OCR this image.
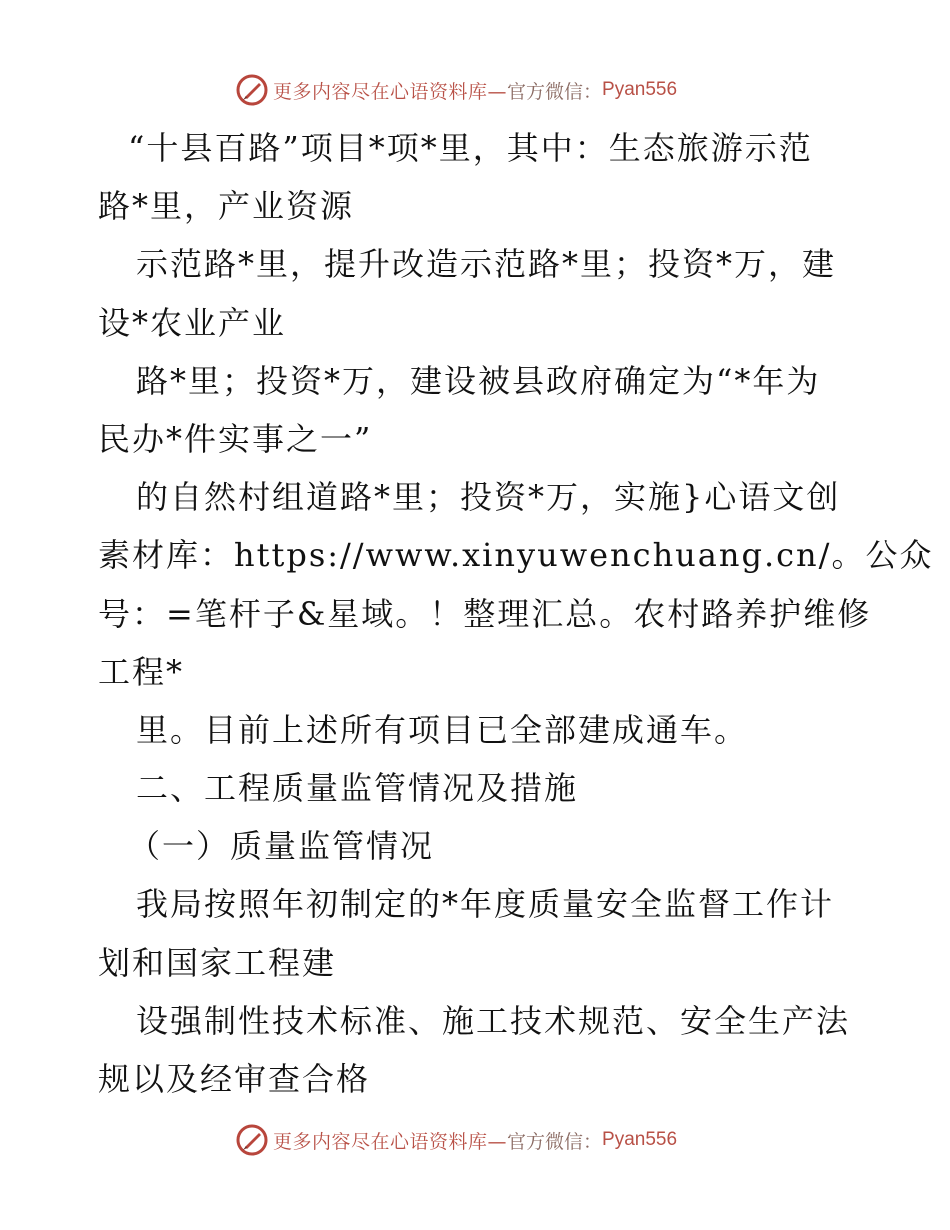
更多内容尽在心语资料库— 官方微信： Pyan556
“十县百路”项目*项*里，其中：生态旅游示范
路*里，产业资源
示范路*里，提升改造示范路*里；投资*万，建
设*农业产业
路*里；投资*万，建设被县政府确定为“*年为
民办*件实事之一”
的自然村组道路*里；投资*万，实施}心语文创
素材库：https://www.xinyuwenchuang.cn/。公众
号：=笔杆子&星域。！整理汇总。农村路养护维修
工程*
里。目前上述所有项目已全部建成通车。
二、工程质量监管情况及措施
（一）质量监管情况
我局按照年初制定的*年度质量安全监督工作计
划和国家工程建
设强制性技术标准、施工技术规范、安全生产法
规以及经审查合格
更多内容尽在心语资料库— 官方微信： Pyan556
